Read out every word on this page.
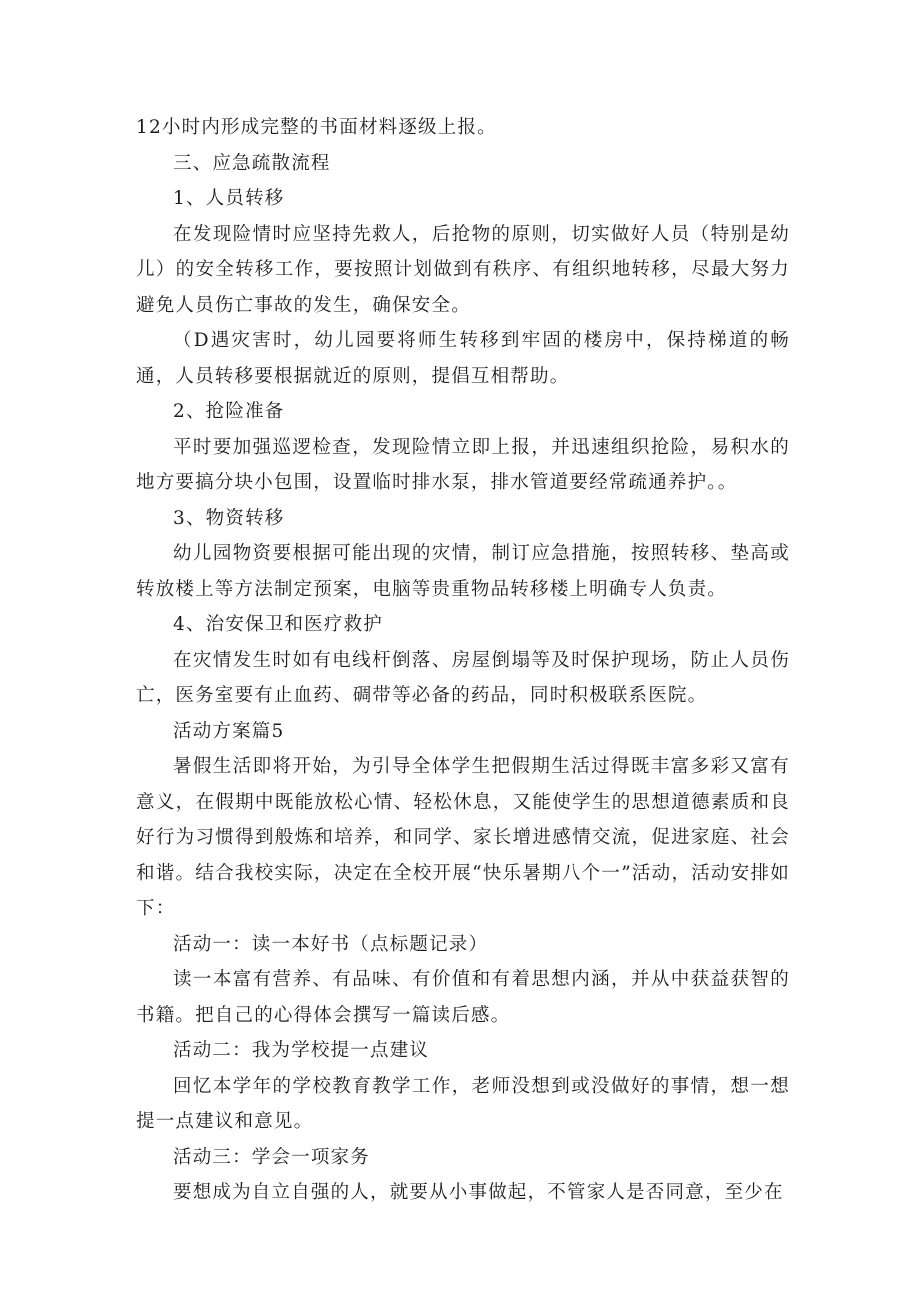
12小时内形成完整的书面材料逐级上报。

三、应急疏散流程

1、人员转移

在发现险情时应坚持先救人，后抢物的原则，切实做好人员（特别是幼儿）的安全转移工作，要按照计划做到有秩序、有组织地转移，尽最大努力避免人员伤亡事故的发生，确保安全。

（D遇灾害时，幼儿园要将师生转移到牢固的楼房中，保持梯道的畅通，人员转移要根据就近的原则，提倡互相帮助。

2、抢险准备

平时要加强巡逻检查，发现险情立即上报，并迅速组织抢险，易积水的地方要搞分块小包围，设置临时排水泵，排水管道要经常疏通养护。。

3、物资转移

幼儿园物资要根据可能出现的灾情，制订应急措施，按照转移、垫高或转放楼上等方法制定预案，电脑等贵重物品转移楼上明确专人负责。

4、治安保卫和医疗救护

在灾情发生时如有电线杆倒落、房屋倒塌等及时保护现场，防止人员伤亡，医务室要有止血药、碉带等必备的药品，同时积极联系医院。

活动方案篇5

暑假生活即将开始，为引导全体学生把假期生活过得既丰富多彩又富有意义，在假期中既能放松心情、轻松休息，又能使学生的思想道德素质和良好行为习惯得到般炼和培养，和同学、家长增进感情交流，促进家庭、社会和谐。结合我校实际，决定在全校开展“快乐暑期八个一”活动，活动安排如下：

活动一：读一本好书（点标题记录）

读一本富有营养、有品味、有价值和有着思想内涵，并从中获益获智的书籍。把自己的心得体会撰写一篇读后感。

活动二：我为学校提一点建议

回忆本学年的学校教育教学工作，老师没想到或没做好的事情，想一想提一点建议和意见。

活动三：学会一项家务

要想成为自立自强的人，就要从小事做起，不管家人是否同意，至少在
